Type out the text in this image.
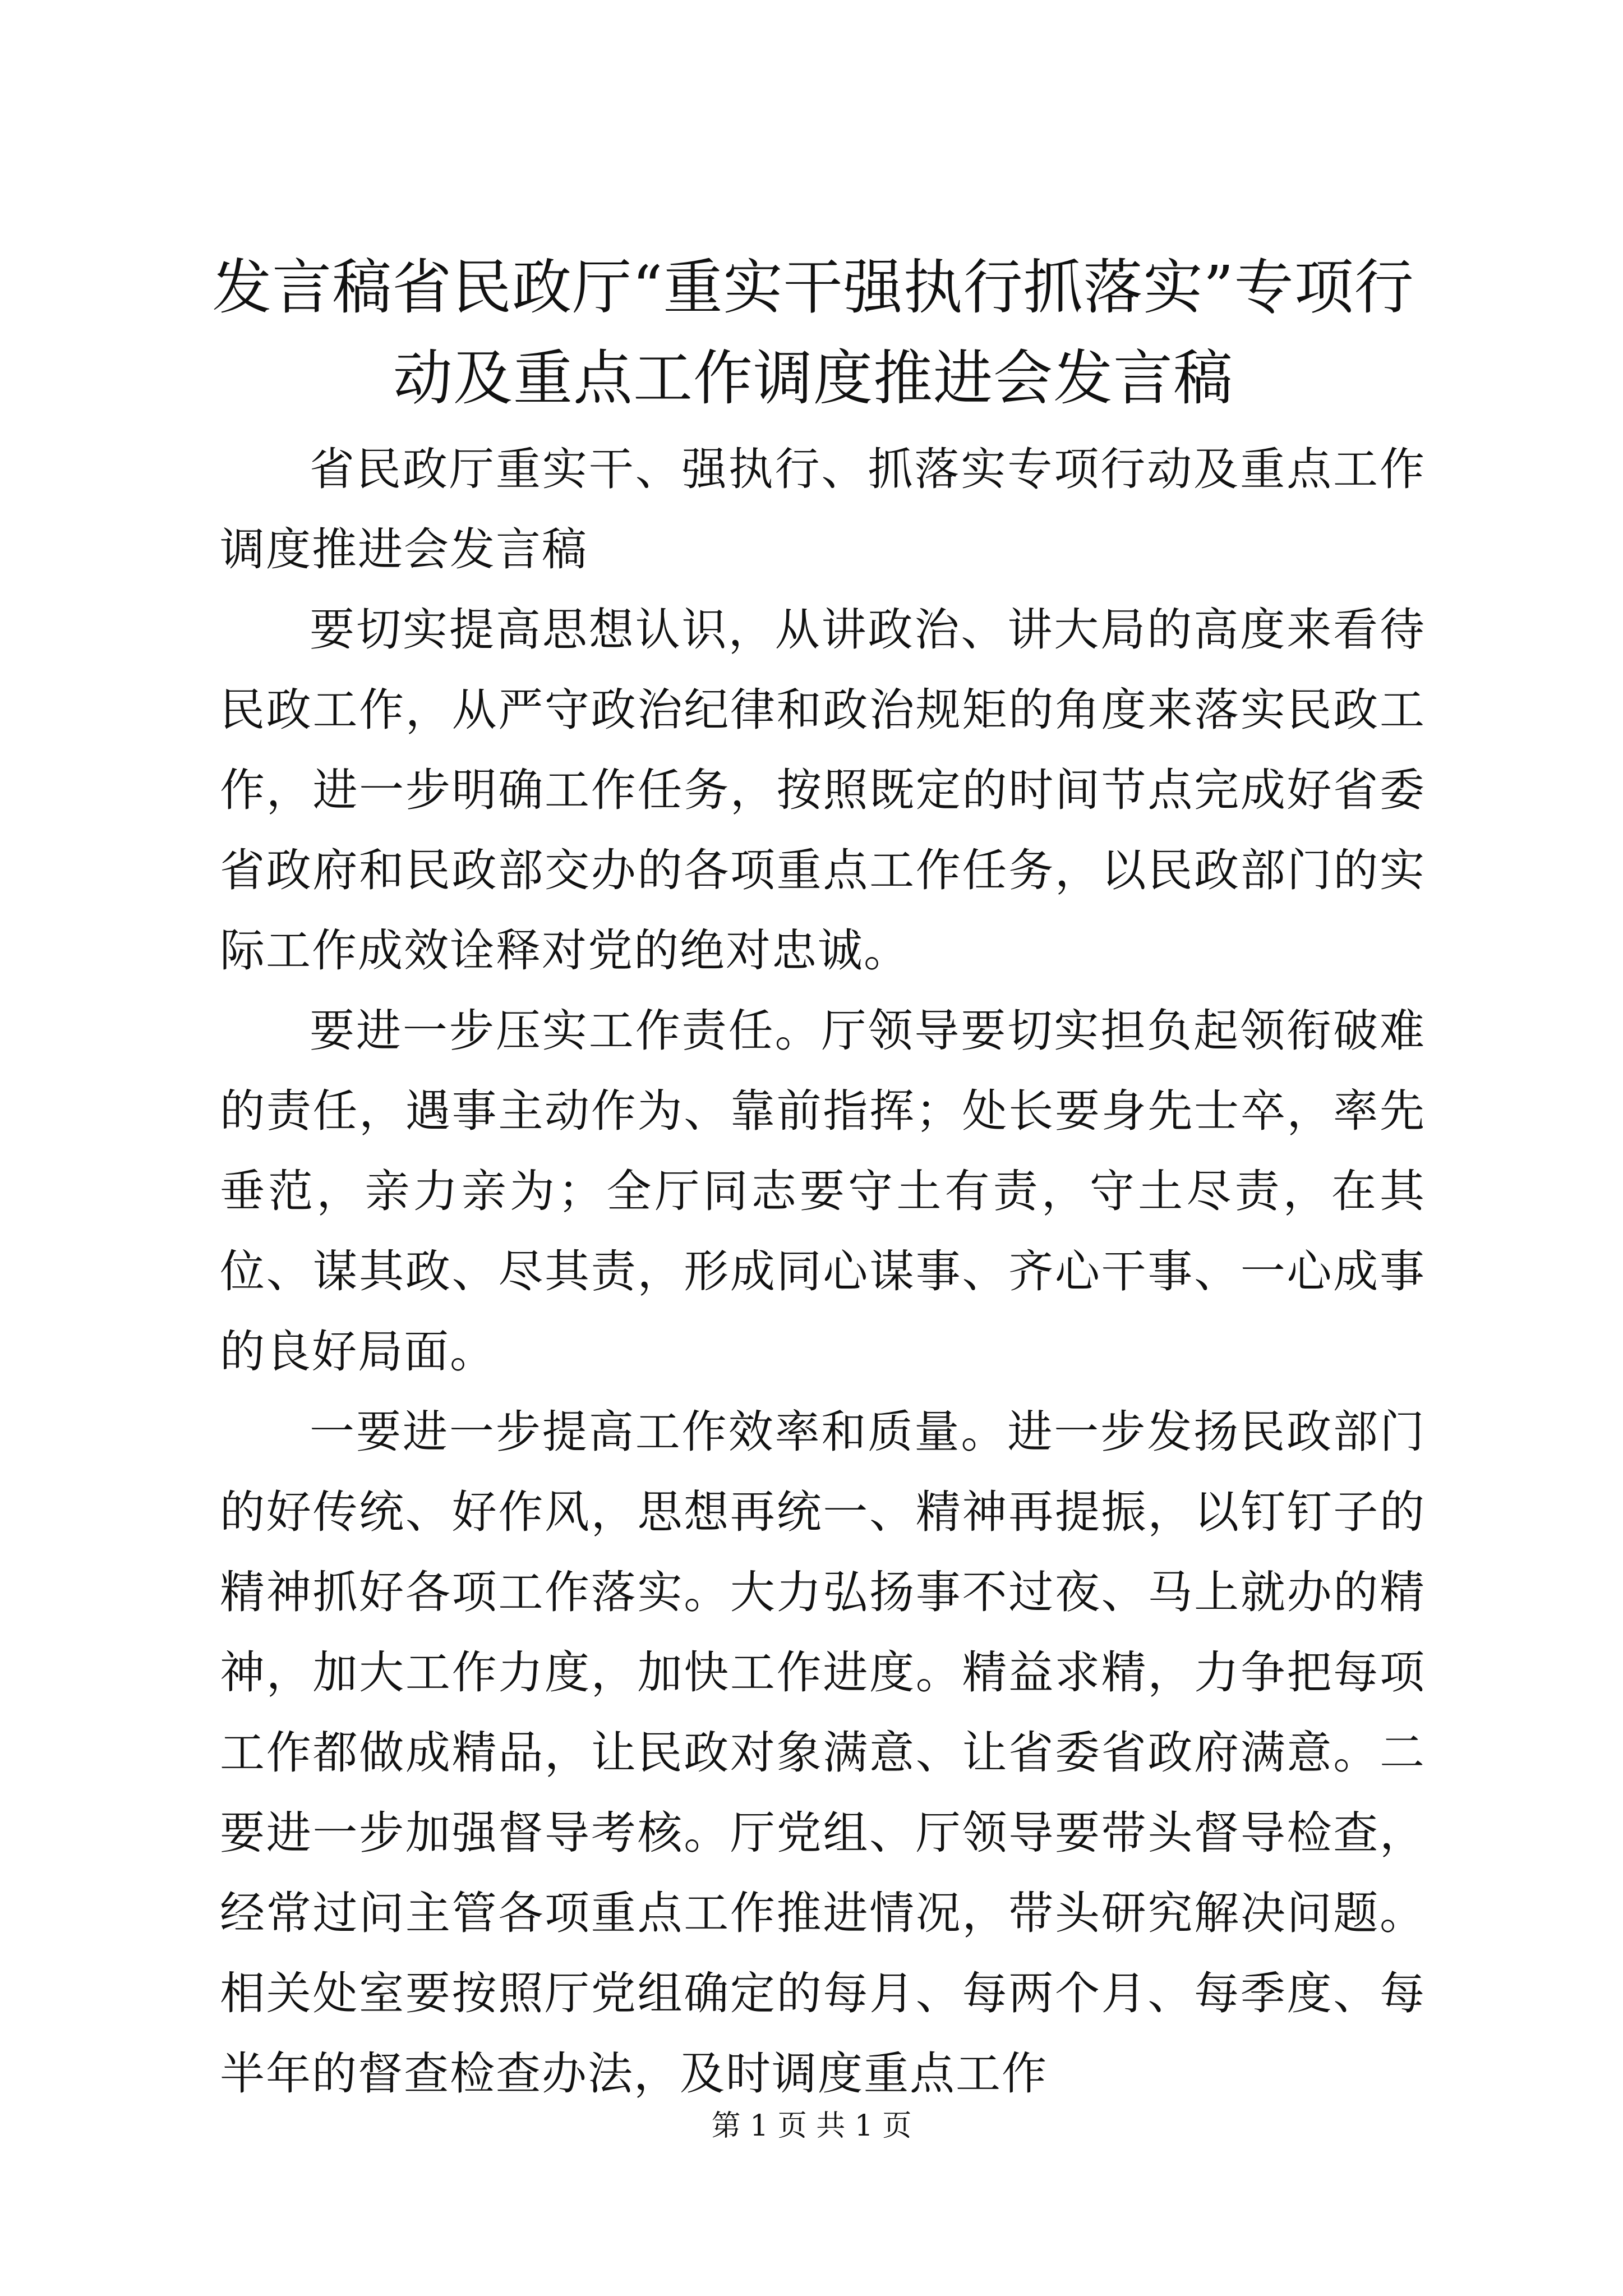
发言稿省民政厅“重实干强执行抓落实”专项行动及重点工作调度推进会发言稿

省民政厅重实干、强执行、抓落实专项行动及重点工作调度推进会发言稿

要切实提高思想认识，从讲政治、讲大局的高度来看待民政工作，从严守政治纪律和政治规矩的角度来落实民政工作，进一步明确工作任务，按照既定的时间节点完成好省委省政府和民政部交办的各项重点工作任务，以民政部门的实际工作成效诠释对党的绝对忠诚。

要进一步压实工作责任。厅领导要切实担负起领衔破难的责任，遇事主动作为、靠前指挥；处长要身先士卒，率先垂范，亲力亲为；全厅同志要守土有责，守土尽责，在其位、谋其政、尽其责，形成同心谋事、齐心干事、一心成事的良好局面。

一要进一步提高工作效率和质量。进一步发扬民政部门的好传统、好作风，思想再统一、精神再提振，以钉钉子的精神抓好各项工作落实。大力弘扬事不过夜、马上就办的精神，加大工作力度，加快工作进度。精益求精，力争把每项工作都做成精品，让民政对象满意、让省委省政府满意。二要进一步加强督导考核。厅党组、厅领导要带头督导检查，经常过问主管各项重点工作推进情况，带头研究解决问题。相关处室要按照厅党组确定的每月、每两个月、每季度、每半年的督查检查办法，及时调度重点工作

第 1 页 共 1 页
